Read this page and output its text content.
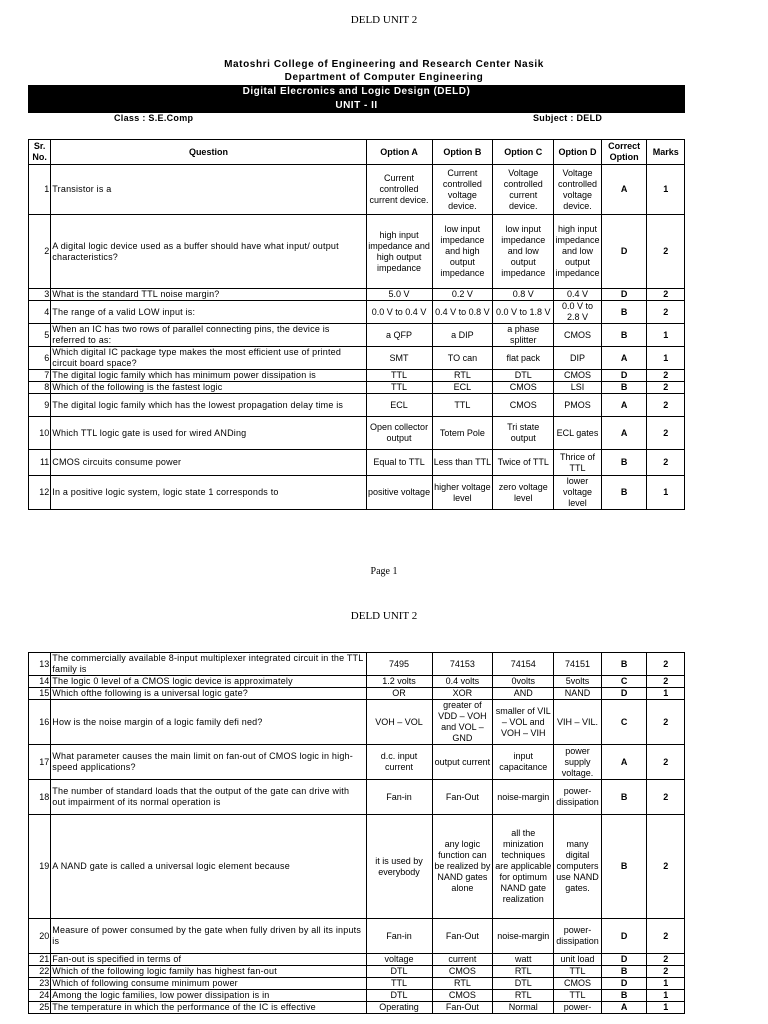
DELD UNIT 2
Matoshri College of Engineering and Research Center Nasik
Department of Computer Engineering
Digital Elecronics and Logic Design (DELD)
UNIT - II
Class : S.E.Comp	Subject : DELD
Sr. No.	Question	Option A	Option B	Option C	Option D	Correct Option	Marks
1	Transistor is a	Current controlled current device.	Current controlled voltage device.	Voltage controlled current device.	Voltage controlled voltage device.	A	1
2	A digital logic device used as a buffer should have what input/ output characteristics?	high input impedance and high output impedance	low input impedance and high output impedance	low input impedance and low output impedance	high input impedance and low output impedance	D	2
3	What is the standard TTL noise margin?	5.0 V	0.2 V	0.8 V	0.4 V	D	2
4	The range of a valid LOW input is:	0.0 V to 0.4 V	0.4 V to 0.8 V	0.0 V to 1.8 V	0.0 V to 2.8 V	B	2
5	When an IC has two rows of parallel connecting pins, the device is referred to as:	a QFP	a DIP	a phase splitter	CMOS	B	1
6	Which digital IC package type makes the most efficient use of printed circuit board space?	SMT	TO can	flat pack	DIP	A	1
7	The digital logic family which has minimum power dissipation is	TTL	RTL	DTL	CMOS	D	2
8	Which of the following is the fastest logic	TTL	ECL	CMOS	LSI	B	2
9	The digital logic family which has the lowest propagation delay time is	ECL	TTL	CMOS	PMOS	A	2
10	Which TTL logic gate is used for wired ANDing	Open collector output	Totem Pole	Tri state output	ECL gates	A	2
11	CMOS circuits consume power	Equal to TTL	Less than TTL	Twice of TTL	Thrice of TTL	B	2
12	In a positive logic system, logic state 1 corresponds to	positive voltage	higher voltage level	zero voltage level	lower voltage level	B	1
Page 1
DELD UNIT 2
13	The commercially available 8-input multiplexer integrated circuit in the TTL family is	7495	74153	74154	74151	B	2
14	The logic 0 level of a CMOS logic device is approximately	1.2 volts	0.4 volts	0volts	5volts	C	2
15	Which ofthe following is a universal logic gate?	OR	XOR	AND	NAND	D	1
16	How is the noise margin of a logic family defi ned?	VOH – VOL	greater of VDD – VOH and VOL – GND	smaller of VIL – VOL and VOH – VIH	VIH – VIL.	C	2
17	What parameter causes the main limit on fan-out of CMOS logic in high-speed applications?	d.c. input current	output current	input capacitance	power supply voltage.	A	2
18	The number of standard loads that the output of the gate can drive with out impairment of its normal operation is	Fan-in	Fan-Out	noise-margin	power-dissipation	B	2
19	A NAND gate is called a universal logic element because	it is used by everybody	any logic function can be realized by NAND gates alone	all the minization techniques are applicable for optimum NAND gate realization	many digital computers use NAND gates.	B	2
20	Measure of power consumed by the gate when fully driven by all its inputs is	Fan-in	Fan-Out	noise-margin	power-dissipation	D	2
21	Fan-out is specified in terms of	voltage	current	watt	unit load	D	2
22	Which of the following logic family has highest fan-out	DTL	CMOS	RTL	TTL	B	2
23	Which of following consume minimum power	TTL	RTL	DTL	CMOS	D	1
24	Among the logic families, low power dissipation is in	DTL	CMOS	RTL	TTL	B	1
25	The temperature in which the performance of the IC is effective	Operating	Fan-Out	Normal	power-	A	1
